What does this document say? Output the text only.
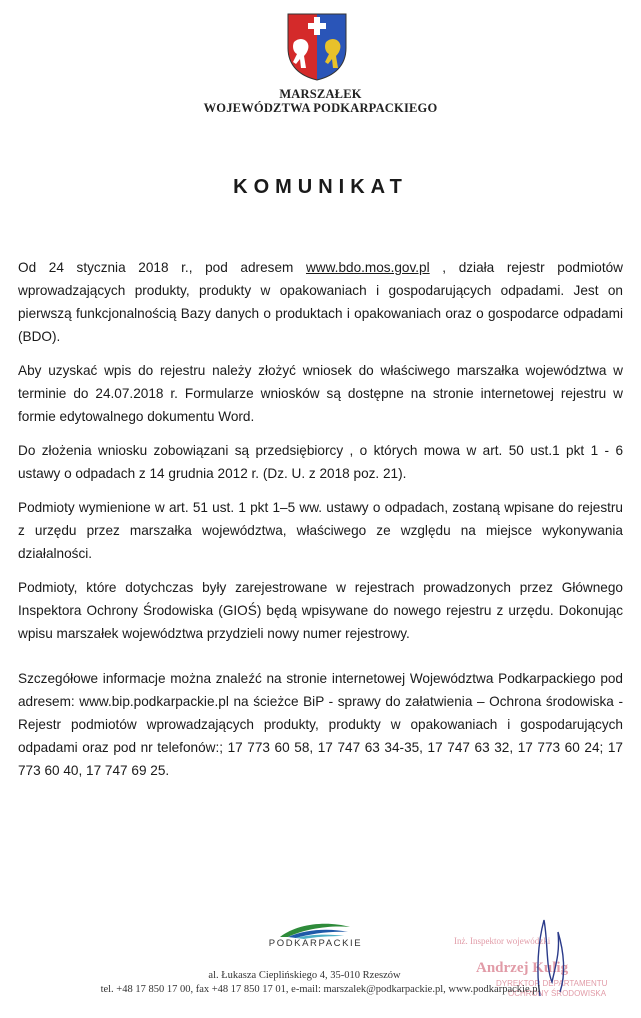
MARSZAŁEK
WOJEWÓDZTWA PODKARPACKIEGO
KOMUNIKAT

Od 24 stycznia 2018 r., pod adresem www.bdo.mos.gov.pl , działa rejestr podmiotów wprowadzających produkty, produkty w opakowaniach i gospodarujących odpadami. Jest on pierwszą funkcjonalnością Bazy danych o produktach i opakowaniach oraz o gospodarce odpadami (BDO).

Aby uzyskać wpis do rejestru należy złożyć wniosek do właściwego marszałka województwa w terminie do 24.07.2018 r. Formularze wniosków są dostępne na stronie internetowej rejestru w formie edytowalnego dokumentu Word.

Do złożenia wniosku zobowiązani są przedsiębiorcy , o których mowa w art. 50 ust.1 pkt 1 - 6 ustawy o odpadach z 14 grudnia 2012 r. (Dz. U. z 2018 poz. 21).

Podmioty wymienione w art. 51 ust. 1 pkt 1–5 ww. ustawy o odpadach, zostaną wpisane do rejestru z urzędu przez marszałka województwa, właściwego ze względu na miejsce wykonywania działalności.

Podmioty, które dotychczas były zarejestrowane w rejestrach prowadzonych przez Głównego Inspektora Ochrony Środowiska (GIOŚ) będą wpisywane do nowego rejestru z urzędu. Dokonując wpisu marszałek województwa przydzieli nowy numer rejestrowy.

Szczegółowe informacje można znaleźć na stronie internetowej Województwa Podkarpackiego pod adresem: www.bip.podkarpackie.pl na ścieżce BiP - sprawy do załatwienia – Ochrona środowiska - Rejestr podmiotów wprowadzających produkty, produkty w opakowaniach i gospodarujących odpadami oraz pod nr telefonów:; 17 773 60 58, 17 747 63 34-35, 17 747 63 32, 17 773 60 24; 17 773 60 40, 17 747 69 25.

PODKARPACKIE	Inż. Inspektor wojewódzki
Andrzej Kulig
DYREKTOR DEPARTAMENTU
OCHRONY ŚRODOWISKA
al. Łukasza Cieplińskiego 4, 35-010 Rzeszów
tel. +48 17 850 17 00, fax +48 17 850 17 01, e-mail: marszalek@podkarpackie.pl, www.podkarpackie.pl
